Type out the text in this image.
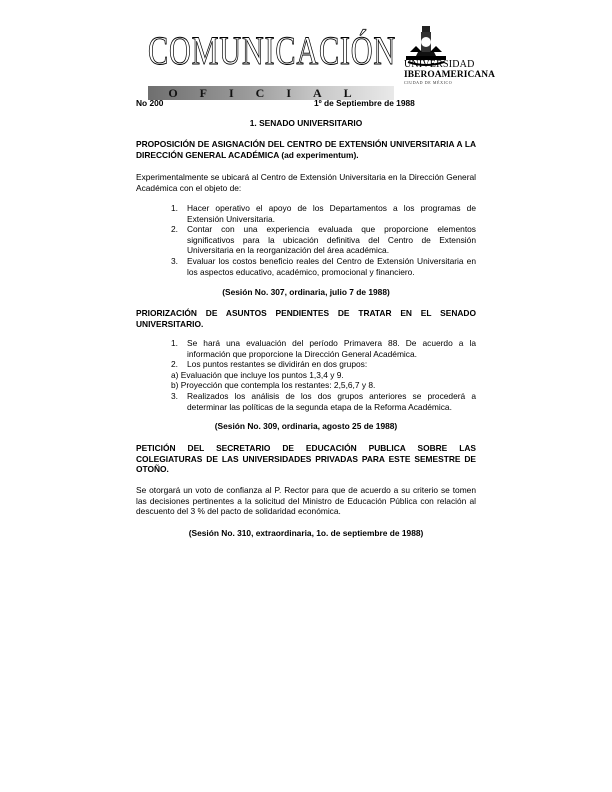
COMUNICACIÓN
OFICIAL
UNIVERSIDAD
IBEROAMERICANA
CIUDAD DE MÉXICO
No 200	1º de Septiembre de 1988
1. SENADO UNIVERSITARIO
PROPOSICIÓN DE ASIGNACIÓN DEL CENTRO DE EXTENSIÓN UNIVERSITARIA A LA DIRECCIÓN GENERAL ACADÉMICA (ad experimentum).
Experimentalmente se ubicará al Centro de Extensión Universitaria en la Dirección General Académica con el objeto de:
1. Hacer operativo el apoyo de los Departamentos a los programas de Extensión Universitaria.
2. Contar con una experiencia evaluada que proporcione elementos significativos para la ubicación definitiva del Centro de Extensión Universitaria en la reorganización del área académica.
3. Evaluar los costos beneficio reales del Centro de Extensión Universitaria en los aspectos educativo, académico, promocional y financiero.
(Sesión No. 307, ordinaria, julio 7 de 1988)
PRIORIZACIÓN DE ASUNTOS PENDIENTES DE TRATAR EN EL SENADO UNIVERSITARIO.
1. Se hará una evaluación del período Primavera 88. De acuerdo a la información que proporcione la Dirección General Académica.
2. Los puntos restantes se dividirán en dos grupos:
a) Evaluación que incluye los puntos 1,3,4 y 9.
b) Proyección que contempla los restantes: 2,5,6,7 y 8.
3. Realizados los análisis de los dos grupos anteriores se procederá a determinar las políticas de la segunda etapa de la Reforma Académica.
(Sesión No. 309, ordinaria, agosto 25 de 1988)
PETICIÓN DEL SECRETARIO DE EDUCACIÓN PUBLICA SOBRE LAS COLEGIATURAS DE LAS UNIVERSIDADES PRIVADAS PARA ESTE SEMESTRE DE OTOÑO.
Se otorgará un voto de confianza al P. Rector para que de acuerdo a su criterio se tomen las decisiones pertinentes a la solicitud del Ministro de Educación Pública con relación al descuento del 3 % del pacto de solidaridad económica.
(Sesión No. 310, extraordinaria, 1o. de septiembre de 1988)
